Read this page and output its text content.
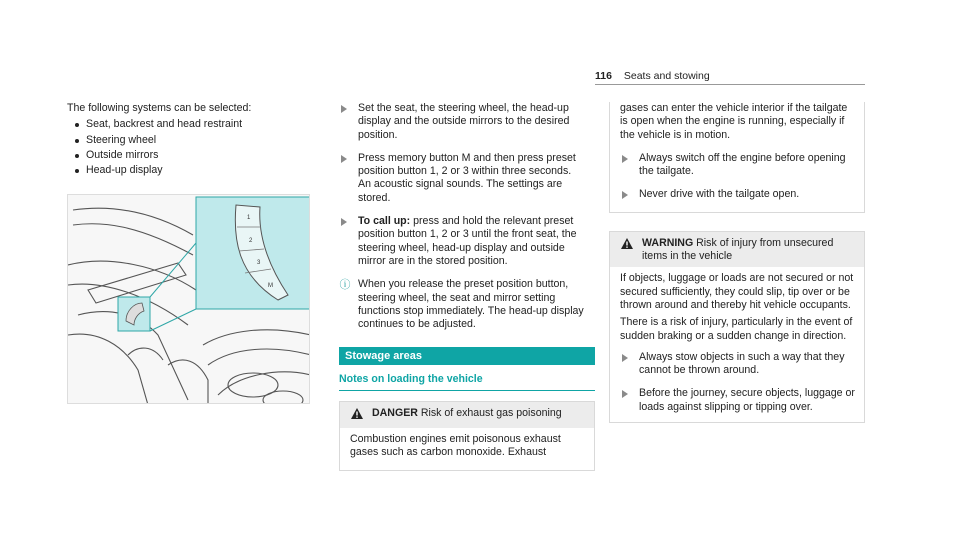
116 Seats and stowing

The following systems can be selected:

Seat, backrest and head restraint
Steering wheel
Outside mirrors
Head-up display
1
2
3
M
Set the seat, the steering wheel, the head-up display and the outside mirrors to the desired position.
Press memory button M and then press preset position button 1, 2 or 3 within three seconds.
An acoustic signal sounds. The settings are stored.
To call up: press and hold the relevant preset position button 1, 2 or 3 until the front seat, the steering wheel, head-up display and outside mirror are in the stored position.
ⓘ When you release the preset position button, steering wheel, the seat and mirror setting functions stop immediately. The head-up display continues to be adjusted.
Stowage areas
Notes on loading the vehicle
DANGER Risk of exhaust gas poisoning

Combustion engines emit poisonous exhaust gases such as carbon monoxide. Exhaust

gases can enter the vehicle interior if the tailgate is open when the engine is running, especially if the vehicle is in motion.

Always switch off the engine before opening the tailgate.
Never drive with the tailgate open.
WARNING Risk of injury from unsecured items in the vehicle

If objects, luggage or loads are not secured or not secured sufficiently, they could slip, tip over or be thrown around and thereby hit vehicle occupants.

There is a risk of injury, particularly in the event of sudden braking or a sudden change in direction.

Always stow objects in such a way that they cannot be thrown around.
Before the journey, secure objects, luggage or loads against slipping or tipping over.
